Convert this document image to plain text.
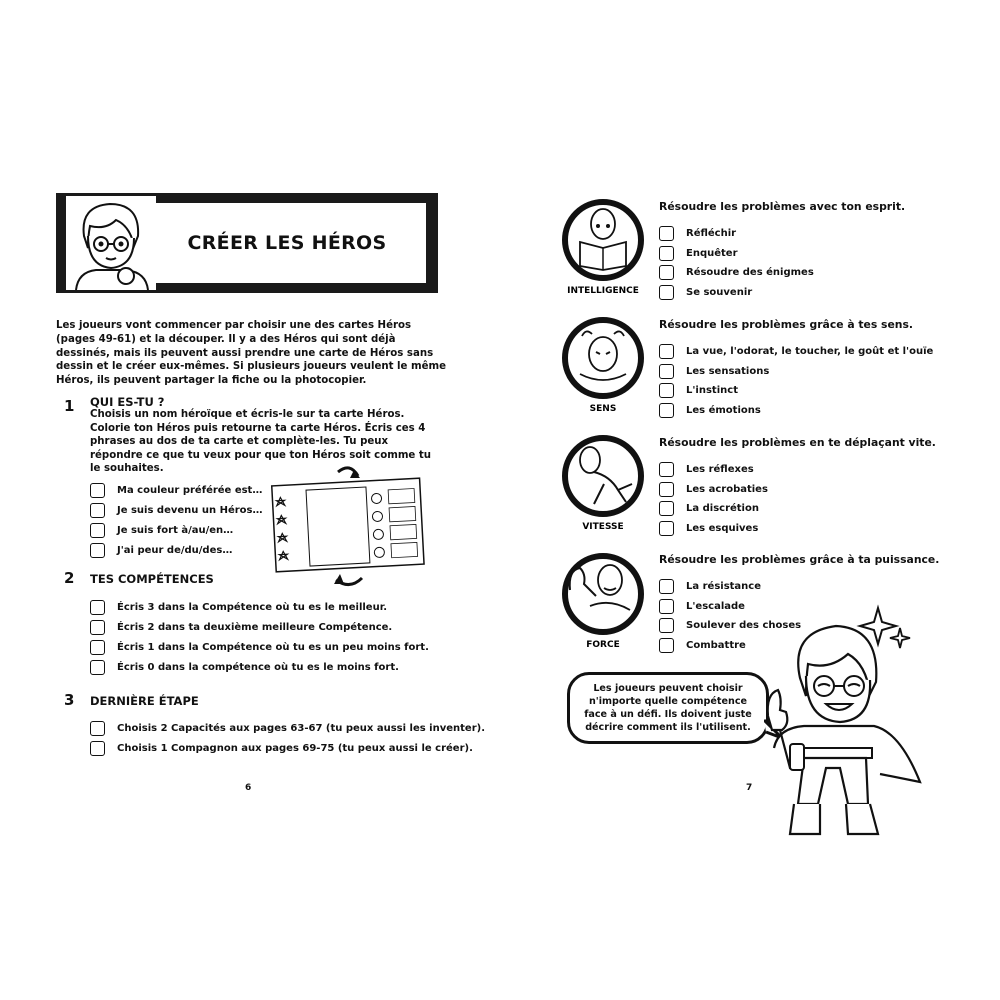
CRÉER LES HÉROS

Les joueurs vont commencer par choisir une des cartes Héros (pages 49-61) et la découper. Il y a des Héros qui sont déjà dessinés, mais ils peuvent aussi prendre une carte de Héros sans dessin et le créer eux-mêmes. Si plusieurs joueurs veulent le même Héros, ils peuvent partager la fiche ou la photocopier.

1 QUI ES-TU ?

Choisis un nom héroïque et écris-le sur ta carte Héros. Colorie ton Héros puis retourne ta carte Héros. Écris ces 4 phrases au dos de ta carte et complète-les. Tu peux répondre ce que tu veux pour que ton Héros soit comme tu le souhaites.

Ma couleur préférée est…
Je suis devenu un Héros…
Je suis fort à/au/en…
J'ai peur de/du/des…
2 TES COMPÉTENCES
Écris 3 dans la Compétence où tu es le meilleur.
Écris 2 dans ta deuxième meilleure Compétence.
Écris 1 dans la Compétence où tu es un peu moins fort.
Écris 0 dans la compétence où tu es le moins fort.
3 DERNIÈRE ÉTAPE
Choisis 2 Capacités aux pages 63-67 (tu peux aussi les inventer).
Choisis 1 Compagnon aux pages 69-75 (tu peux aussi le créer).
6
INTELLIGENCE
Résoudre les problèmes avec ton esprit.
Réfléchir
Enquêter
Résoudre des énigmes
Se souvenir
SENS
Résoudre les problèmes grâce à tes sens.
La vue, l'odorat, le toucher, le goût et l'ouïe
Les sensations
L'instinct
Les émotions
VITESSE
Résoudre les problèmes en te déplaçant vite.
Les réflexes
Les acrobaties
La discrétion
Les esquives
FORCE
Résoudre les problèmes grâce à ta puissance.
La résistance
L'escalade
Soulever des choses
Combattre
Les joueurs peuvent choisir n'importe quelle compétence face à un défi. Ils doivent juste décrire comment ils l'utilisent.
7
